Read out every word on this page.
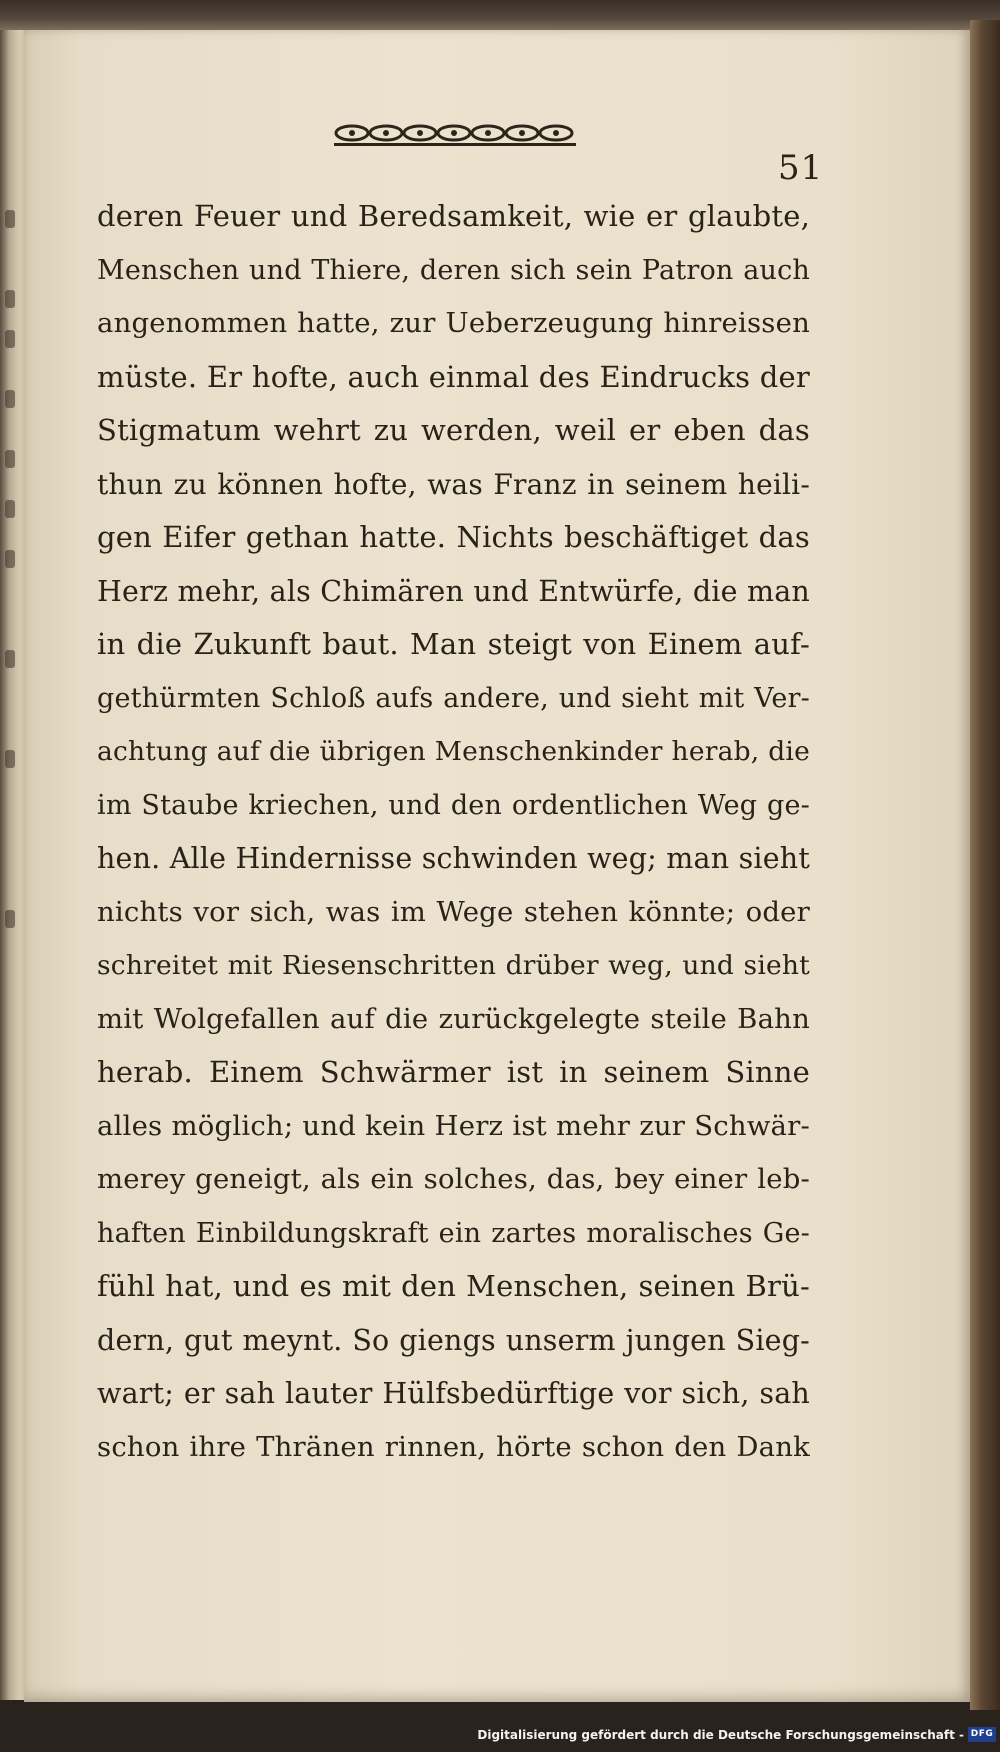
51
deren Feuer und Beredsamkeit, wie er glaubte,
Menschen und Thiere, deren sich sein Patron auch
angenommen hatte, zur Ueberzeugung hinreissen
müste. Er hofte, auch einmal des Eindrucks der
Stigmatum wehrt zu werden, weil er eben das
thun zu können hofte, was Franz in seinem heili-
gen Eifer gethan hatte. Nichts beschäftiget das
Herz mehr, als Chimären und Entwürfe, die man
in die Zukunft baut. Man steigt von Einem auf-
gethürmten Schloß aufs andere, und sieht mit Ver-
achtung auf die übrigen Menschenkinder herab, die
im Staube kriechen, und den ordentlichen Weg ge-
hen. Alle Hindernisse schwinden weg; man sieht
nichts vor sich, was im Wege stehen könnte; oder
schreitet mit Riesenschritten drüber weg, und sieht
mit Wolgefallen auf die zurückgelegte steile Bahn
herab. Einem Schwärmer ist in seinem Sinne
alles möglich; und kein Herz ist mehr zur Schwär-
merey geneigt, als ein solches, das, bey einer leb-
haften Einbildungskraft ein zartes moralisches Ge-
fühl hat, und es mit den Menschen, seinen Brü-
dern, gut meynt. So giengs unserm jungen Sieg-
wart; er sah lauter Hülfsbedürftige vor sich, sah
schon ihre Thränen rinnen, hörte schon den Dank
Digitalisierung gefördert durch die Deutsche Forschungsgemeinschaft - DFG
